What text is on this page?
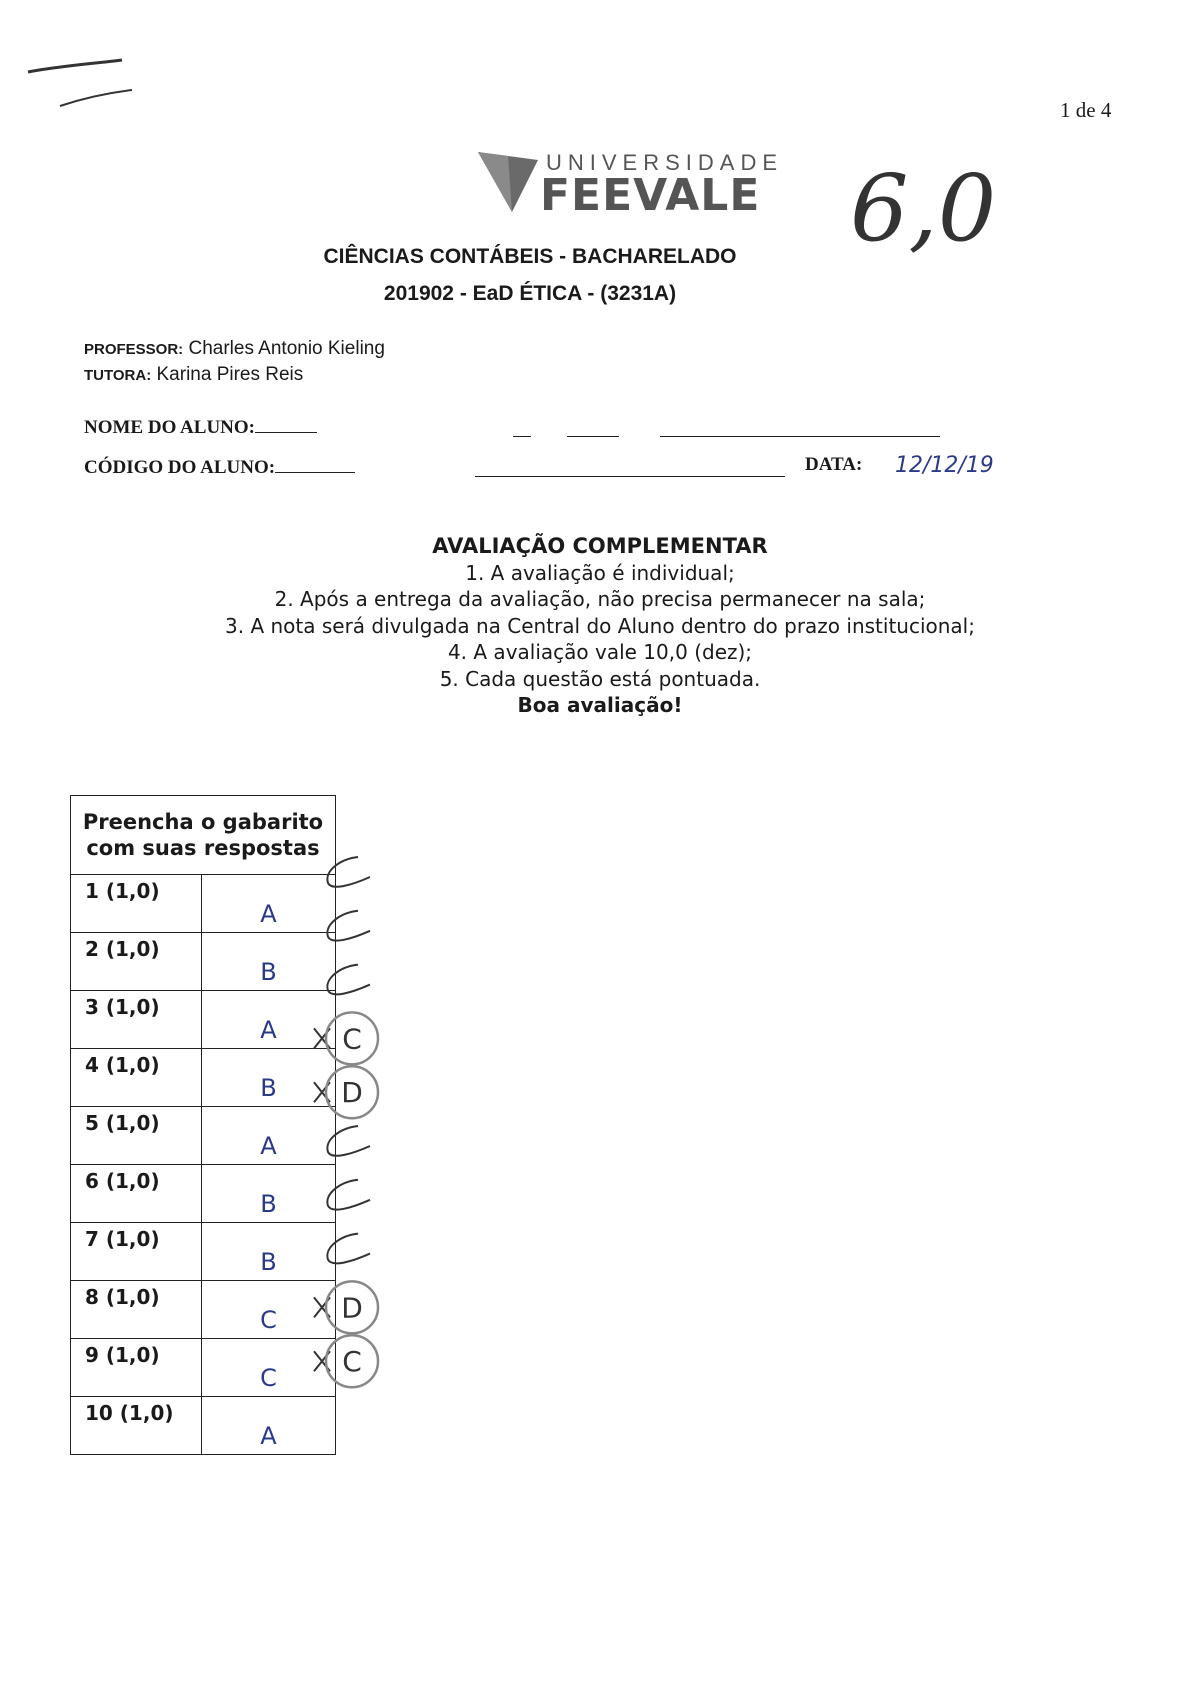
1 de 4
UNIVERSIDADE
FEEVALE 6,0
CIÊNCIAS CONTÁBEIS - BACHARELADO
201902 - EaD ÉTICA - (3231A)
PROFESSOR: Charles Antonio Kieling
TUTORA: Karina Pires Reis
NOME DO ALUNO:
CÓDIGO DO ALUNO:	DATA: 12/12/19
AVALIAÇÃO COMPLEMENTAR
1. A avaliação é individual;
2. Após a entrega da avaliação, não precisa permanecer na sala;
3. A nota será divulgada na Central do Aluno dentro do prazo institucional;
4. A avaliação vale 10,0 (dez);
5. Cada questão está pontuada.
Boa avaliação!
Preencha o gabarito com suas respostas	
1 (1,0)	A
2 (1,0)	B
3 (1,0)	A
4 (1,0)	B
5 (1,0)	A
6 (1,0)	B
7 (1,0)	B
8 (1,0)	C
9 (1,0)	C
10 (1,0)	A
C
D
D
C
